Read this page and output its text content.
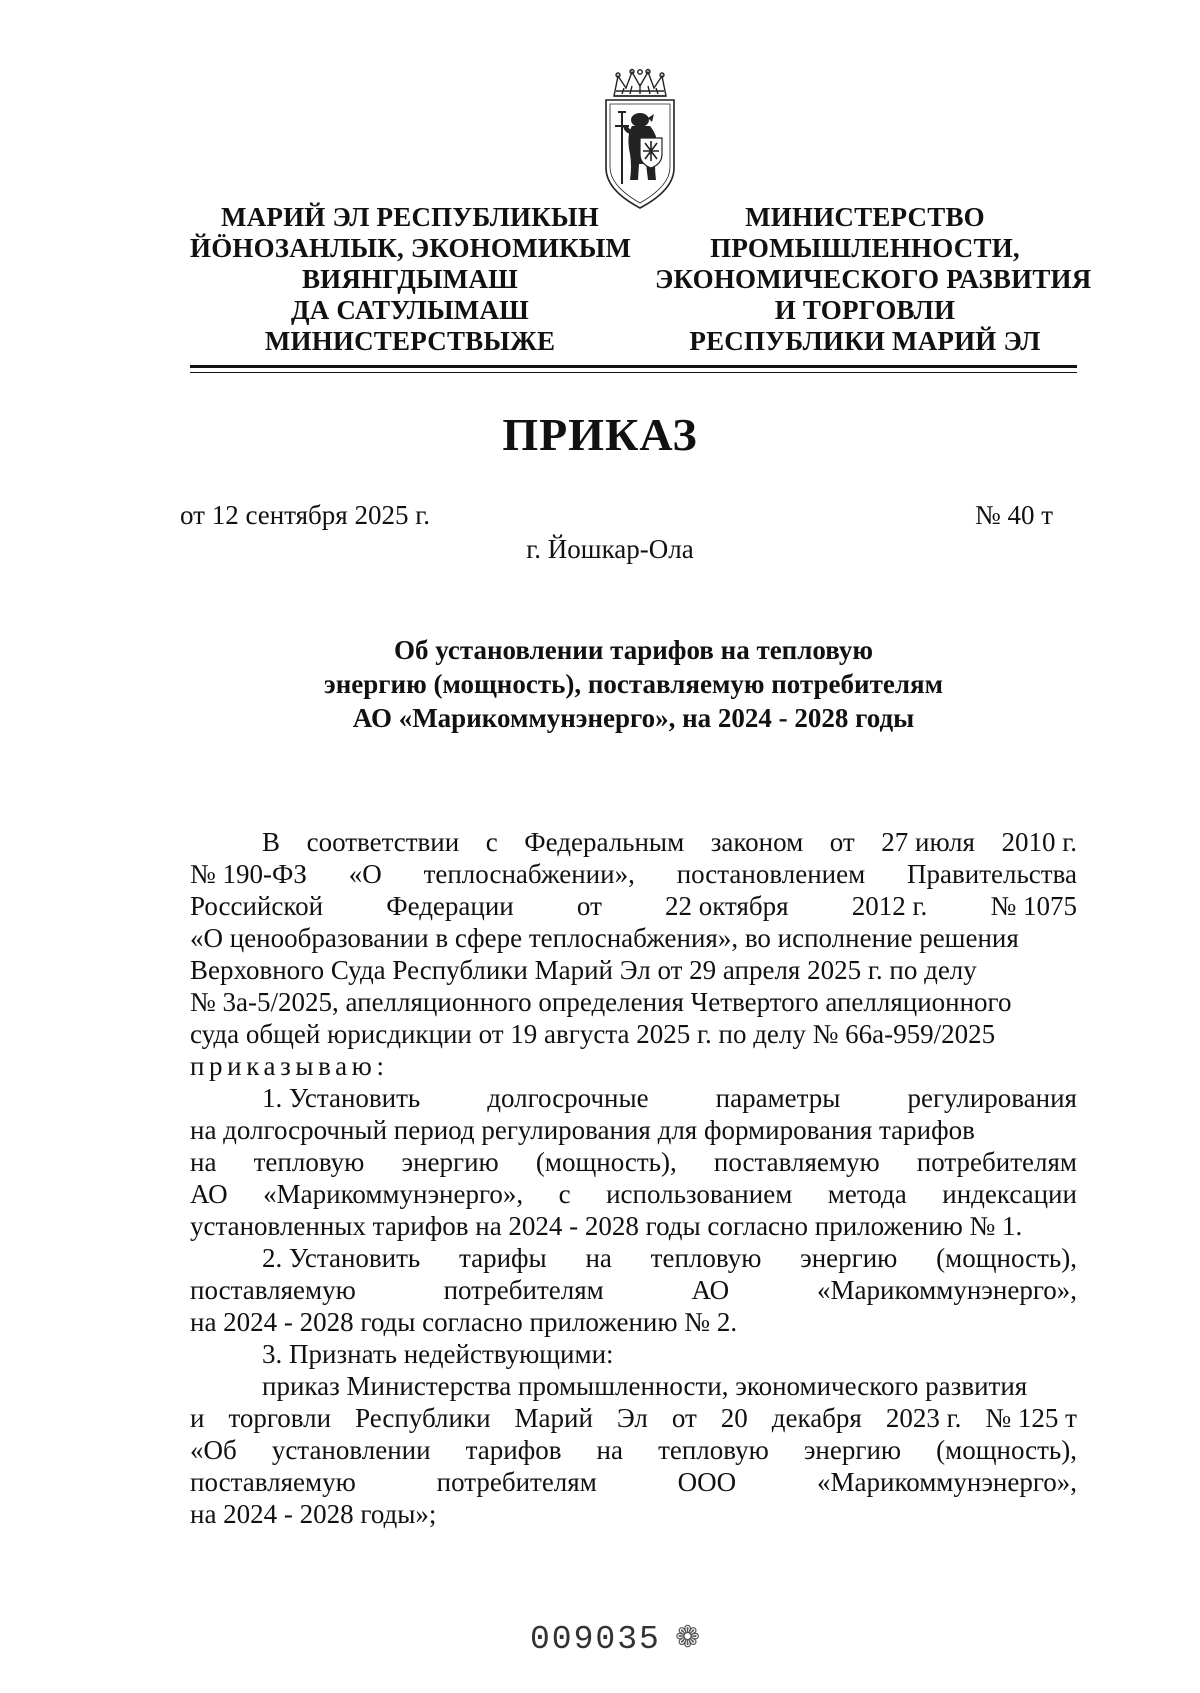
МАРИЙ ЭЛ РЕСПУБЛИКЫН
ЙӦНОЗАНЛЫК, ЭКОНОМИКЫМ
ВИЯНГДЫМАШ
ДА САТУЛЫМАШ
МИНИСТЕРСТВЫЖЕ
МИНИСТЕРСТВО
ПРОМЫШЛЕННОСТИ,
ЭКОНОМИЧЕСКОГО РАЗВИТИЯ
И ТОРГОВЛИ
РЕСПУБЛИКИ МАРИЙ ЭЛ
ПРИКАЗ
от 12 сентября 2025 г.	№ 40 т
г. Йошкар-Ола
Об установлении тарифов на тепловую
энергию (мощность), поставляемую потребителям
АО «Марикоммунэнерго», на 2024 - 2028 годы
В соответствии с Федеральным законом от 27 июля 2010 г.
№ 190-ФЗ «О теплоснабжении», постановлением Правительства
Российской Федерации от 22 октября 2012 г. № 1075
«О ценообразовании в сфере теплоснабжения», во исполнение решения
Верховного Суда Республики Марий Эл от 29 апреля 2025 г. по делу
№ 3а-5/2025, апелляционного определения Четвертого апелляционного
суда общей юрисдикции от 19 августа 2025 г. по делу № 66а-959/2025
приказываю:
1. Установить долгосрочные параметры регулирования
на долгосрочный период регулирования для формирования тарифов
на тепловую энергию (мощность), поставляемую потребителям
АО «Марикоммунэнерго», с использованием метода индексации
установленных тарифов на 2024 - 2028 годы согласно приложению № 1.
2. Установить тарифы на тепловую энергию (мощность),
поставляемую	потребителям	АО	«Марикоммунэнерго»,
на 2024 - 2028 годы согласно приложению № 2.
3. Признать недействующими:
приказ Министерства промышленности, экономического развития
и торговли Республики Марий Эл от 20 декабря 2023 г. № 125 т
«Об установлении тарифов на тепловую энергию (мощность),
поставляемую	потребителям	ООО	«Марикоммунэнерго»,
на 2024 - 2028 годы»;
009035 ❁
